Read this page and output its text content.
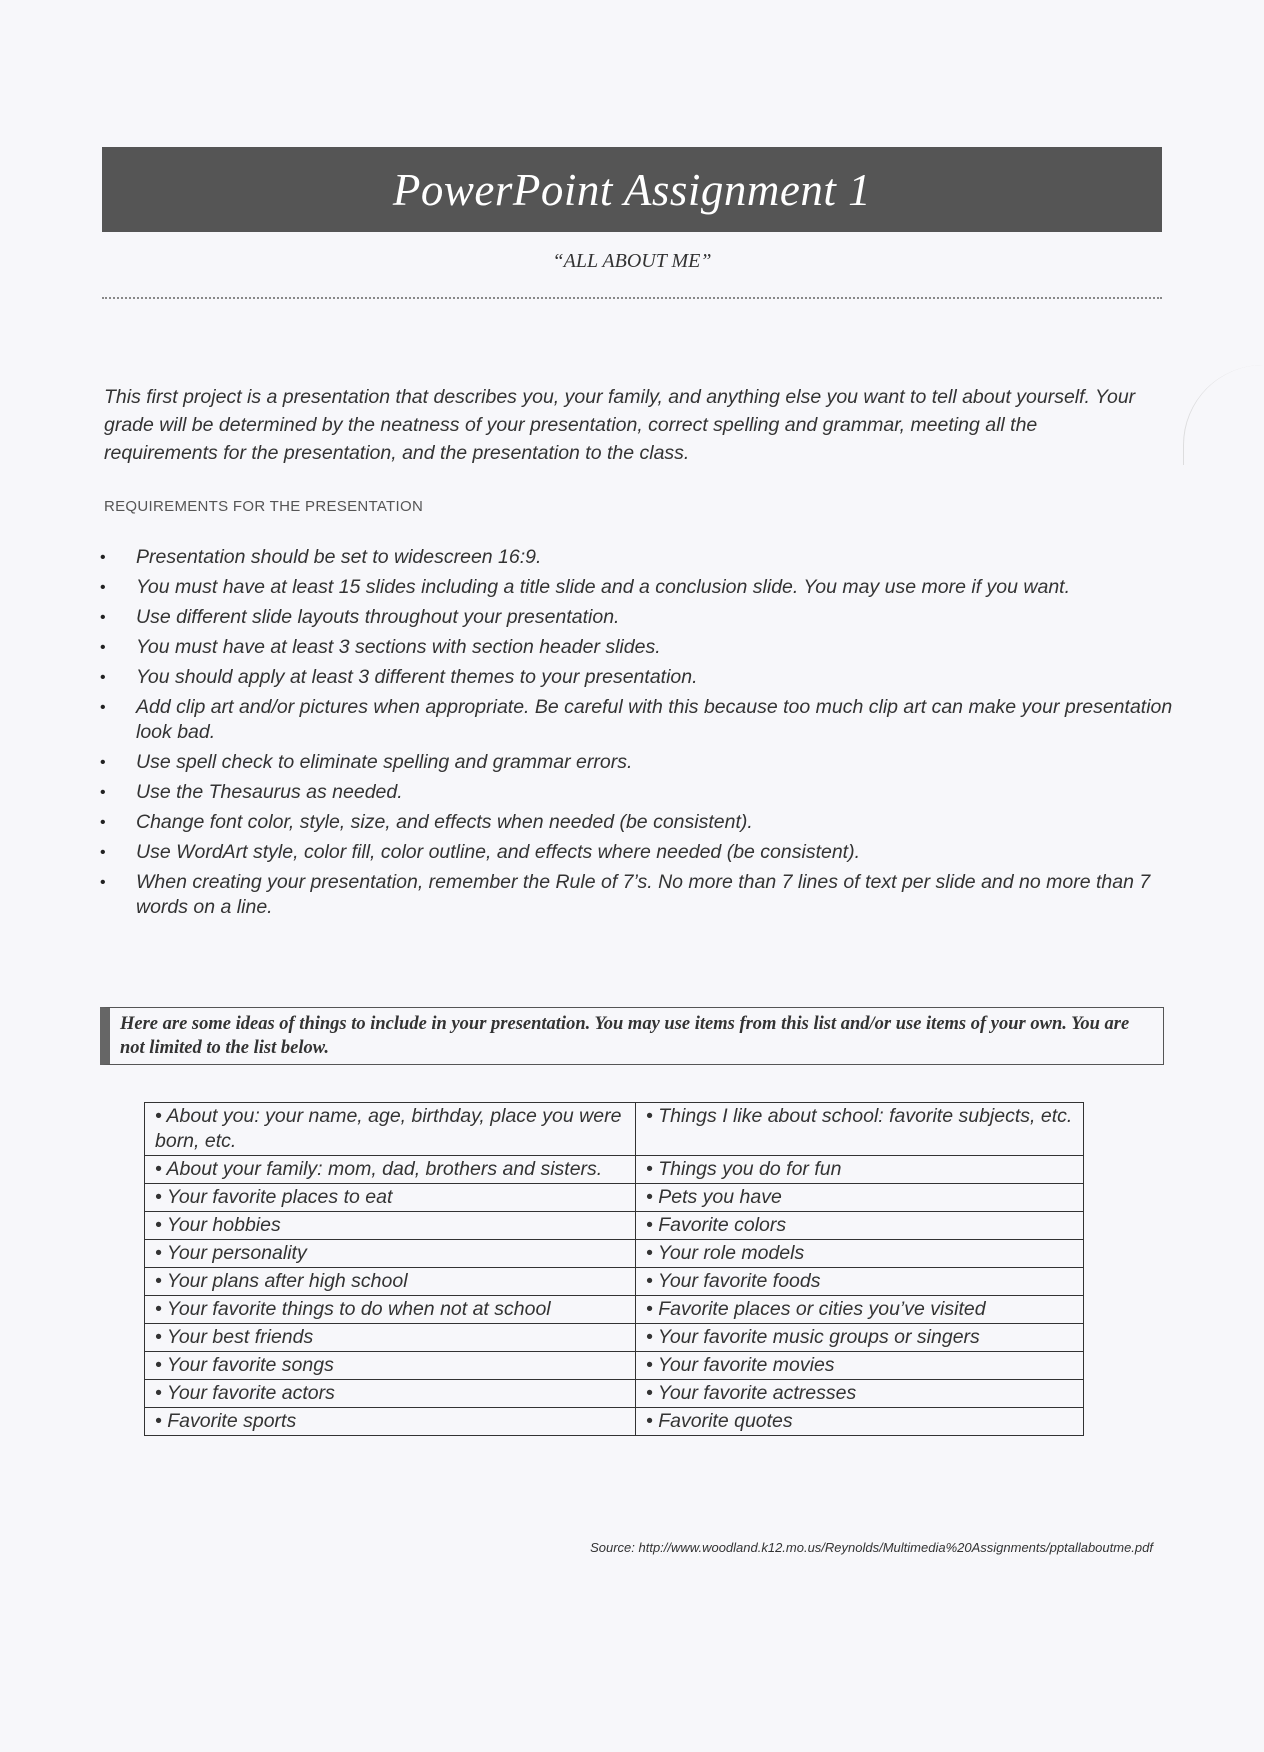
PowerPoint Assignment 1
“ALL ABOUT ME”

This first project is a presentation that describes you, your family, and anything else you want to tell about yourself. Your grade will be determined by the neatness of your presentation, correct spelling and grammar, meeting all the requirements for the presentation, and the presentation to the class.

REQUIREMENTS FOR THE PRESENTATION
• Presentation should be set to widescreen 16:9.
• You must have at least 15 slides including a title slide and a conclusion slide. You may use more if you want.
• Use different slide layouts throughout your presentation.
• You must have at least 3 sections with section header slides.
• You should apply at least 3 different themes to your presentation.
• Add clip art and/or pictures when appropriate. Be careful with this because too much clip art can make your presentation look bad.
• Use spell check to eliminate spelling and grammar errors.
• Use the Thesaurus as needed.
• Change font color, style, size, and effects when needed (be consistent).
• Use WordArt style, color fill, color outline, and effects where needed (be consistent).
• When creating your presentation, remember the Rule of 7’s. No more than 7 lines of text per slide and no more than 7 words on a line.
Here are some ideas of things to include in your presentation. You may use items from this list and/or use items of your own. You are not limited to the list below.
• About you: your name, age, birthday, place you were born, etc.	• Things I like about school: favorite subjects, etc.
• About your family: mom, dad, brothers and sisters.	• Things you do for fun
• Your favorite places to eat	• Pets you have
• Your hobbies	• Favorite colors
• Your personality	• Your role models
• Your plans after high school	• Your favorite foods
• Your favorite things to do when not at school	• Favorite places or cities you’ve visited
• Your best friends	• Your favorite music groups or singers
• Your favorite songs	• Your favorite movies
• Your favorite actors	• Your favorite actresses
• Favorite sports	• Favorite quotes
Source: http://www.woodland.k12.mo.us/Reynolds/Multimedia%20Assignments/pptallaboutme.pdf
